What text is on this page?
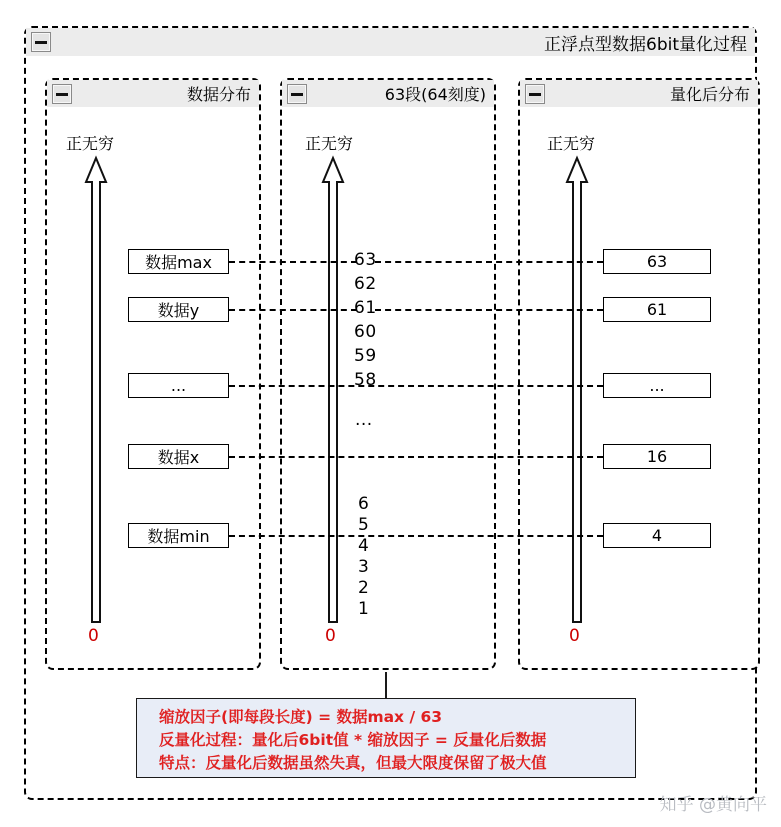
正浮点型数据6bit量化过程
数据分布
正无穷
0
数据max
数据y
...
数据x
数据min
63段(64刻度)
正无穷
0
63
62
61
60
59
58
...
6
5
4
3
2
1
量化后分布
正无穷
0
63
61
...
16
4
缩放因子(即每段长度) = 数据max / 63
反量化过程：量化后6bit值 * 缩放因子 = 反量化后数据
特点：反量化后数据虽然失真，但最大限度保留了极大值
知乎 @黄向平
